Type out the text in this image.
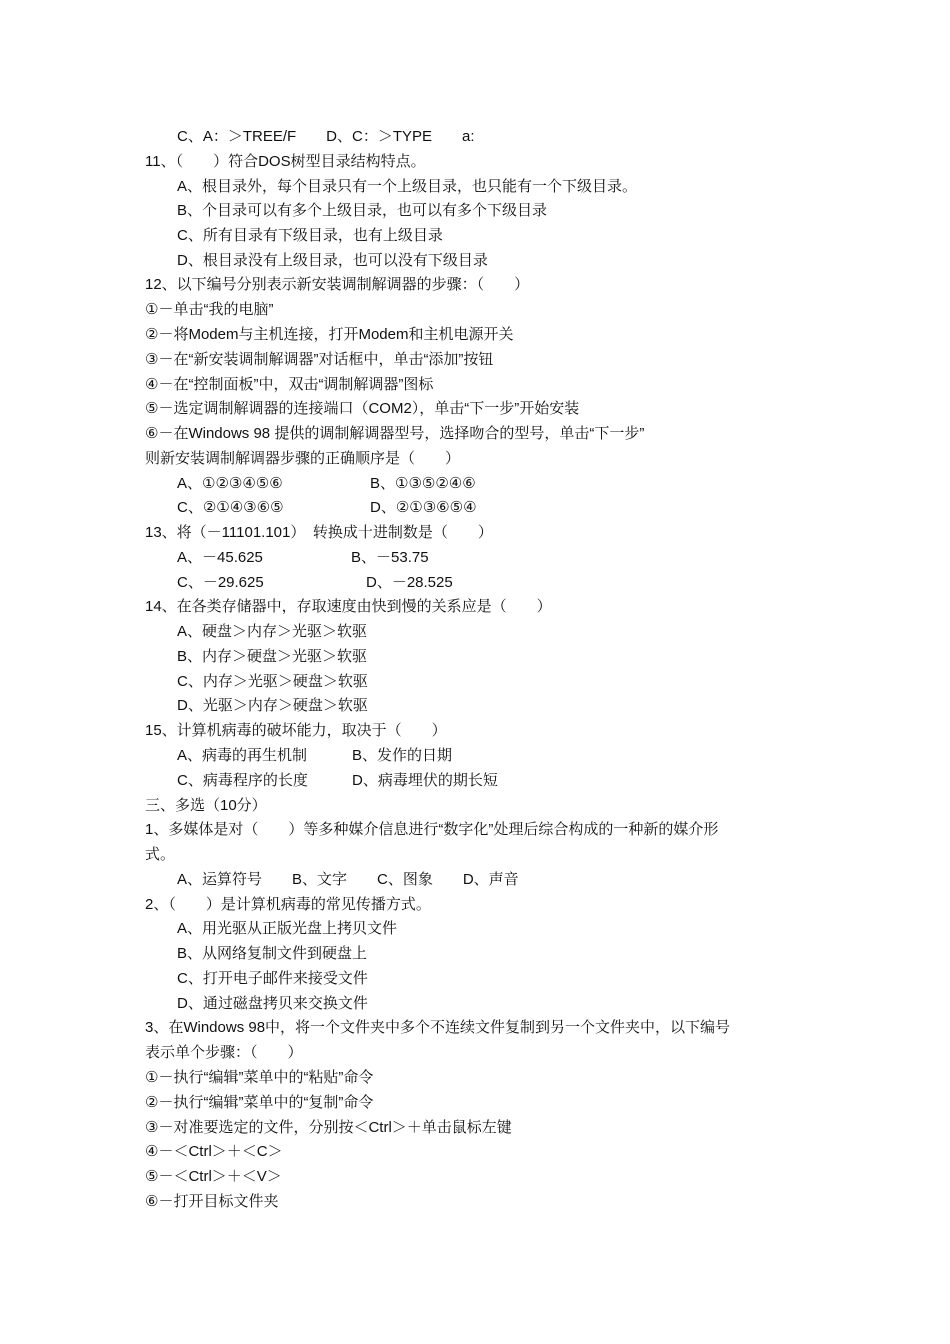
C、A：＞TREE/F　　D、C：＞TYPE　　a:
11、（　　）符合DOS树型目录结构特点。
A、根目录外，每个目录只有一个上级目录，也只能有一个下级目录。
B、个目录可以有多个上级目录，也可以有多个下级目录
C、所有目录有下级目录，也有上级目录
D、根目录没有上级目录，也可以没有下级目录
12、以下编号分别表示新安装调制解调器的步骤：（　　）
①－单击“我的电脑”
②－将Modem与主机连接，打开Modem和主机电源开关
③－在“新安装调制解调器”对话框中，单击“添加”按钮
④－在“控制面板”中，双击“调制解调器”图标
⑤－选定调制解调器的连接端口（COM2），单击“下一步”开始安装
⑥－在Windows 98 提供的调制解调器型号，选择吻合的型号，单击“下一步”
则新安装调制解调器步骤的正确顺序是（　　）
A、①②③④⑤⑥	B、①③⑤②④⑥
C、②①④③⑥⑤	D、②①③⑥⑤④
13、将（－11101.101）　转换成十进制数是（　　）
A、－45.625	B、－53.75
C、－29.625	D、－28.525
14、在各类存储器中，存取速度由快到慢的关系应是（　　）
A、硬盘＞内存＞光驱＞软驱
B、内存＞硬盘＞光驱＞软驱
C、内存＞光驱＞硬盘＞软驱
D、光驱＞内存＞硬盘＞软驱
15、计算机病毒的破坏能力，取决于（　　）
A、病毒的再生机制	B、发作的日期
C、病毒程序的长度	D、病毒埋伏的期长短
三、多选（10分）
1、多媒体是对（　　）等多种媒介信息进行“数字化”处理后综合构成的一种新的媒介形
式。
A、运算符号　　B、文字　　C、图象　　D、声音
2、（　　）是计算机病毒的常见传播方式。
A、用光驱从正版光盘上拷贝文件
B、从网络复制文件到硬盘上
C、打开电子邮件来接受文件
D、通过磁盘拷贝来交换文件
3、在Windows 98中，将一个文件夹中多个不连续文件复制到另一个文件夹中，以下编号
表示单个步骤：（　　）
①－执行“编辑”菜单中的“粘贴”命令
②－执行“编辑”菜单中的“复制”命令
③－对准要选定的文件，分别按＜Ctrl＞＋单击鼠标左键
④－＜Ctrl＞＋＜C＞
⑤－＜Ctrl＞＋＜V＞
⑥－打开目标文件夹
